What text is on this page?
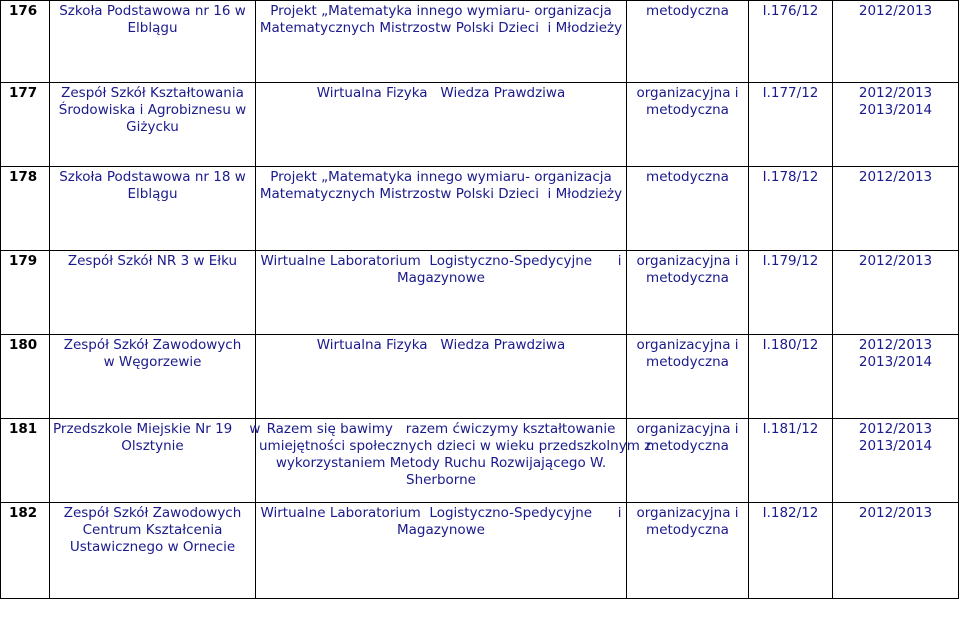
176	Szkoła Podstawowa nr 16 w
Elblągu	Projekt „Matematyka innego wymiaru- organizacja
Matematycznych Mistrzostw Polski Dzieci  i Młodzieży	metodyczna	I.176/12	2012/2013

177	Zespół Szkół Kształtowania
Środowiska i Agrobiznesu w
Giżycku	Wirtualna Fizyka   Wiedza Prawdziwa	organizacyjna i
metodyczna	I.177/12	2012/2013
2013/2014

178	Szkoła Podstawowa nr 18 w
Elblągu	Projekt „Matematyka innego wymiaru- organizacja
Matematycznych Mistrzostw Polski Dzieci  i Młodzieży	metodyczna	I.178/12	2012/2013

179	Zespół Szkół NR 3 w Ełku	Wirtualne Laboratorium  Logistyczno-Spedycyjne      i
Magazynowe	organizacyjna i
metodyczna	I.179/12	2012/2013

180	Zespół Szkół Zawodowych
w Węgorzewie	Wirtualna Fizyka   Wiedza Prawdziwa	organizacyjna i
metodyczna	I.180/12	2012/2013
2013/2014

181	Przedszkole Miejskie Nr 19    w
Olsztynie	Razem się bawimy   razem ćwiczymy kształtowanie
umiejętności społecznych dzieci w wieku przedszkolnym z
wykorzystaniem Metody Ruchu Rozwijającego W.
Sherborne	organizacyjna i
metodyczna	I.181/12	2012/2013
2013/2014

182	Zespół Szkół Zawodowych
Centrum Kształcenia
Ustawicznego w Ornecie	Wirtualne Laboratorium  Logistyczno-Spedycyjne      i
Magazynowe	organizacyjna i
metodyczna	I.182/12	2012/2013
